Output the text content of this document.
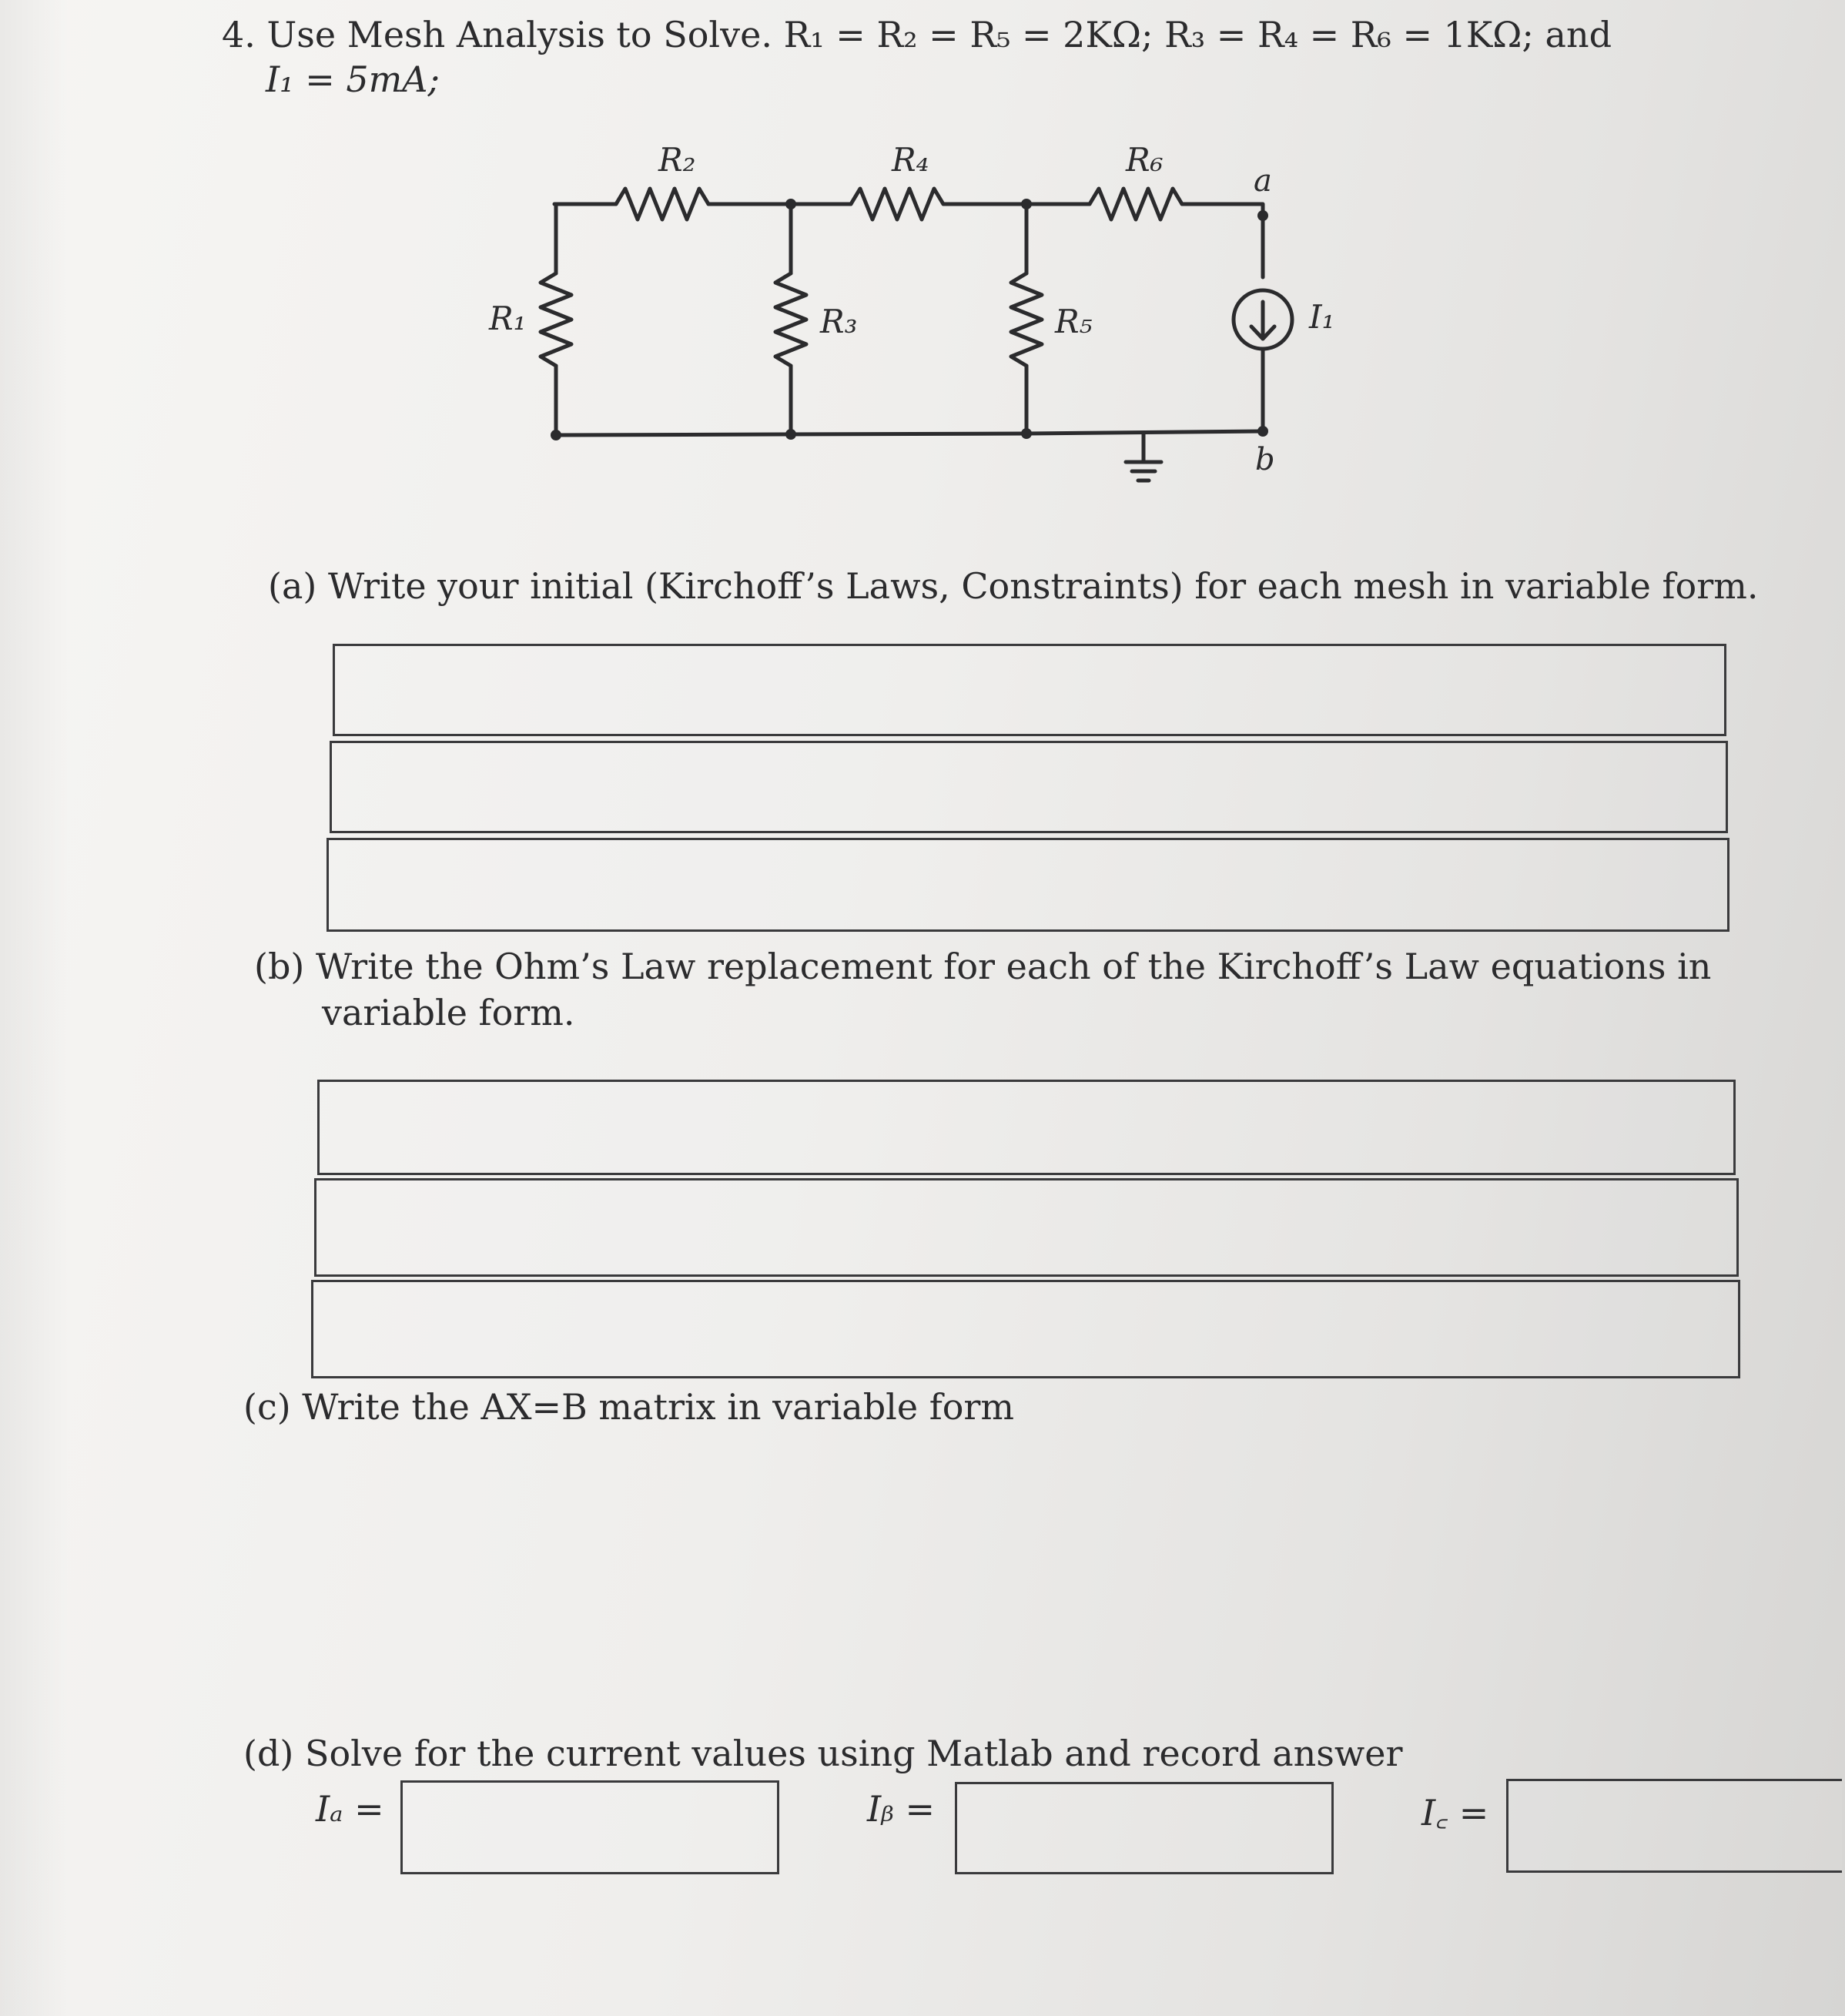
4. Use Mesh Analysis to Solve. R₁ = R₂ = R₅ = 2KΩ; R₃ = R₄ = R₆ = 1KΩ; and
I₁ = 5mA;
R₂	R₄	R₆
a
R₁	R₃	R₅	I₁
b
(a) Write your initial (Kirchoff’s Laws, Constraints) for each mesh in variable form.
(b) Write the Ohm’s Law replacement for each of the Kirchoff’s Law equations in
variable form.
(c) Write the AX=B matrix in variable form
(d) Solve for the current values using Matlab and record answer
Iₐ =	Iᵦ =	I꜀ =
